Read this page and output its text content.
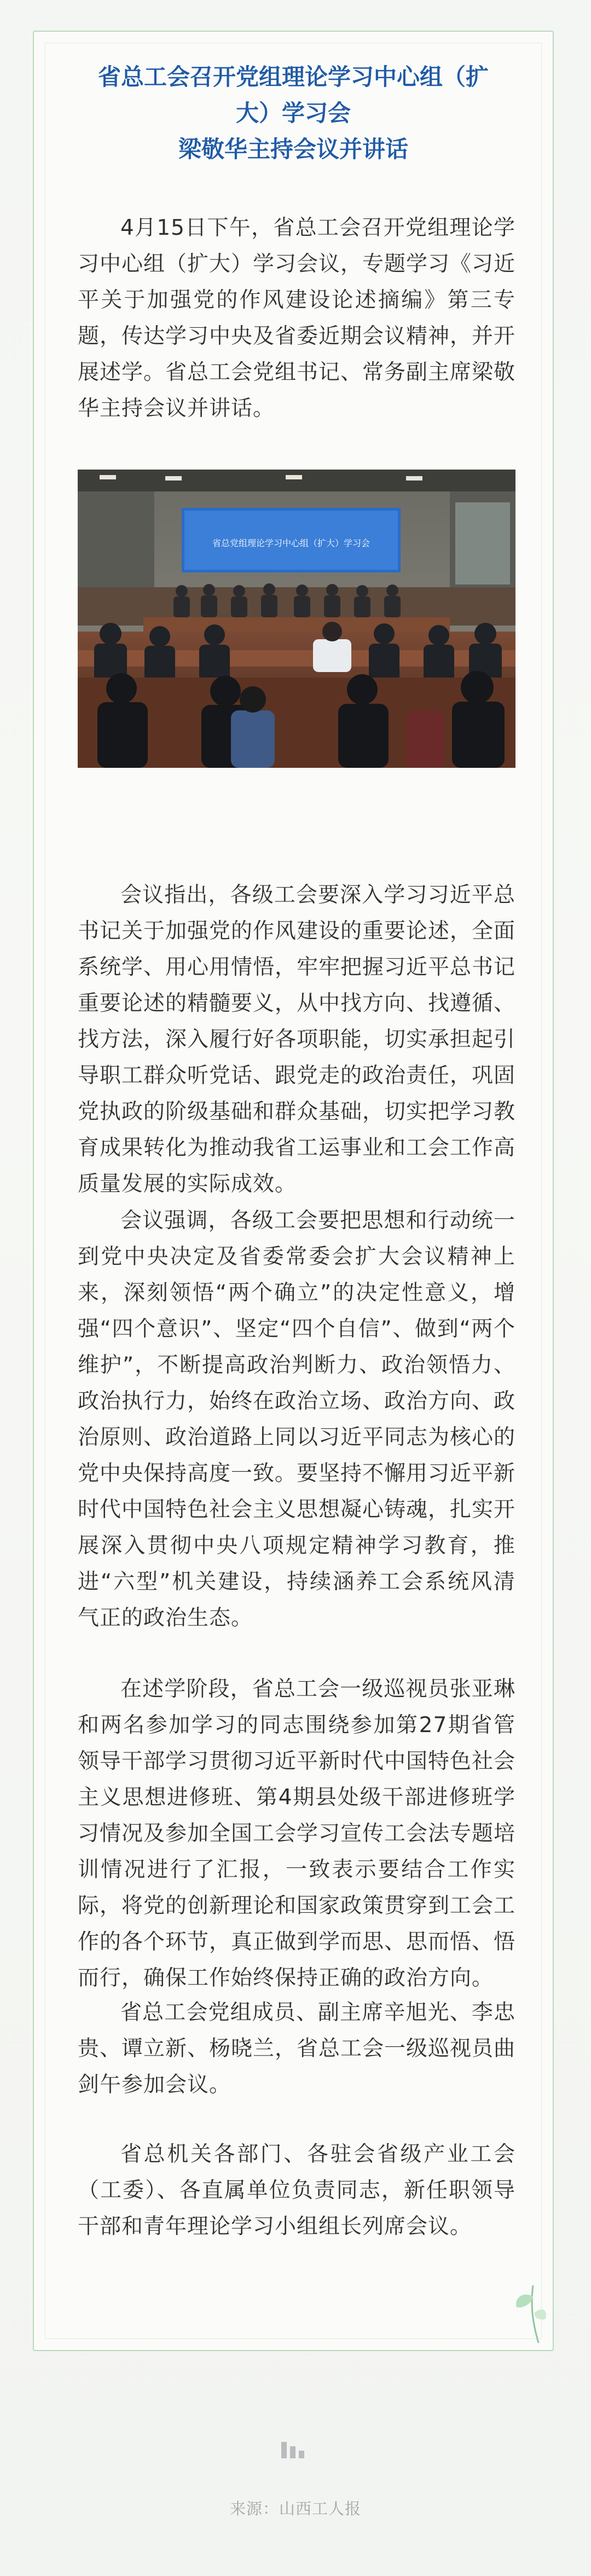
省总工会召开党组理论学习中心组（扩
大）学习会
梁敬华主持会议并讲话

4月15日下午，省总工会召开党组理论学习中心组（扩大）学习会议，专题学习《习近平关于加强党的作风建设论述摘编》第三专题，传达学习中央及省委近期会议精神，并开展述学。省总工会党组书记、常务副主席梁敬华主持会议并讲话。

省总党组理论学习中心组（扩大）学习会

会议指出，各级工会要深入学习习近平总书记关于加强党的作风建设的重要论述，全面系统学、用心用情悟，牢牢把握习近平总书记重要论述的精髓要义，从中找方向、找遵循、找方法，深入履行好各项职能，切实承担起引导职工群众听党话、跟党走的政治责任，巩固党执政的阶级基础和群众基础，切实把学习教育成果转化为推动我省工运事业和工会工作高质量发展的实际成效。

会议强调，各级工会要把思想和行动统一到党中央决定及省委常委会扩大会议精神上来，深刻领悟“两个确立”的决定性意义，增强“四个意识”、坚定“四个自信”、做到“两个维护”，不断提高政治判断力、政治领悟力、政治执行力，始终在政治立场、政治方向、政治原则、政治道路上同以习近平同志为核心的党中央保持高度一致。要坚持不懈用习近平新时代中国特色社会主义思想凝心铸魂，扎实开展深入贯彻中央八项规定精神学习教育，推进“六型”机关建设，持续涵养工会系统风清气正的政治生态。

在述学阶段，省总工会一级巡视员张亚琳和两名参加学习的同志围绕参加第27期省管领导干部学习贯彻习近平新时代中国特色社会主义思想进修班、第4期县处级干部进修班学习情况及参加全国工会学习宣传工会法专题培训情况进行了汇报，一致表示要结合工作实际，将党的创新理论和国家政策贯穿到工会工作的各个环节，真正做到学而思、思而悟、悟而行，确保工作始终保持正确的政治方向。

省总工会党组成员、副主席辛旭光、李忠贵、谭立新、杨晓兰，省总工会一级巡视员曲剑午参加会议。

省总机关各部门、各驻会省级产业工会（工委）、各直属单位负责同志，新任职领导干部和青年理论学习小组组长列席会议。

来源：山西工人报
